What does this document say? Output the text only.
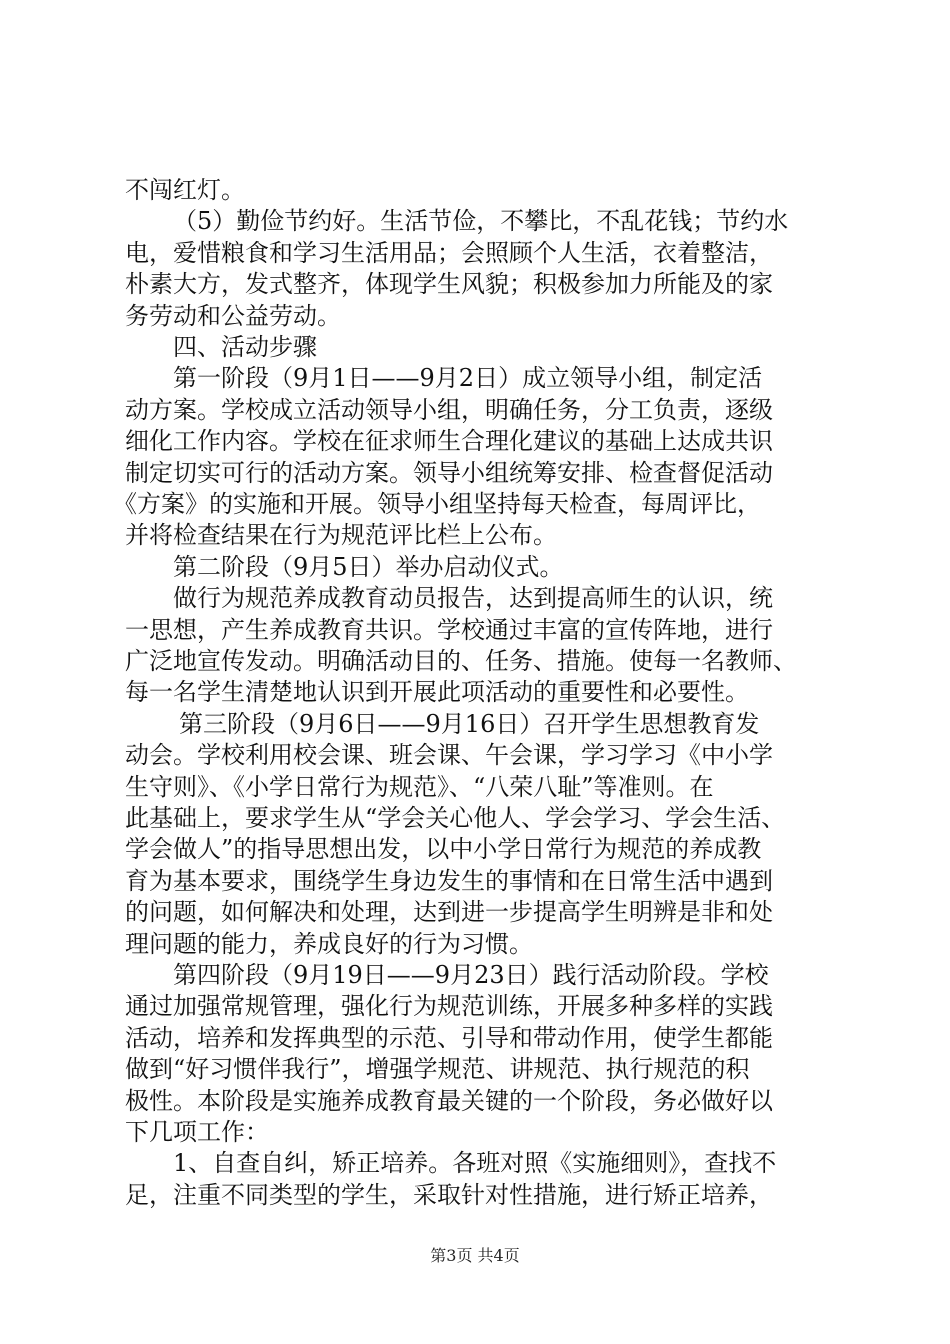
不闯红灯。
（5）勤俭节约好。生活节俭，不攀比，不乱花钱；节约水
电，爱惜粮食和学习生活用品；会照顾个人生活，衣着整洁，
朴素大方，发式整齐，体现学生风貌；积极参加力所能及的家
务劳动和公益劳动。
四、活动步骤
第一阶段（9月1日——9月2日）成立领导小组，制定活
动方案。学校成立活动领导小组，明确任务，分工负责，逐级
细化工作内容。学校在征求师生合理化建议的基础上达成共识
制定切实可行的活动方案。领导小组统筹安排、检查督促活动
《方案》的实施和开展。领导小组坚持每天检查，每周评比，
并将检查结果在行为规范评比栏上公布。
第二阶段（9月5日）举办启动仪式。
做行为规范养成教育动员报告，达到提高师生的认识，统
一思想，产生养成教育共识。学校通过丰富的宣传阵地，进行
广泛地宣传发动。明确活动目的、任务、措施。使每一名教师、
每一名学生清楚地认识到开展此项活动的重要性和必要性。
第三阶段（9月6日——9月16日）召开学生思想教育发
动会。学校利用校会课、班会课、午会课，学习学习《中小学
生守则》、《小学日常行为规范》、“八荣八耻”等准则。在
此基础上，要求学生从“学会关心他人、学会学习、学会生活、
学会做人”的指导思想出发，以中小学日常行为规范的养成教
育为基本要求，围绕学生身边发生的事情和在日常生活中遇到
的问题，如何解决和处理，达到进一步提高学生明辨是非和处
理问题的能力，养成良好的行为习惯。
第四阶段（9月19日——9月23日）践行活动阶段。学校
通过加强常规管理，强化行为规范训练，开展多种多样的实践
活动，培养和发挥典型的示范、引导和带动作用，使学生都能
做到“好习惯伴我行”，增强学规范、讲规范、执行规范的积
极性。本阶段是实施养成教育最关键的一个阶段，务必做好以
下几项工作：
1、自查自纠，矫正培养。各班对照《实施细则》，查找不
足，注重不同类型的学生，采取针对性措施，进行矫正培养，
第3页 共4页
